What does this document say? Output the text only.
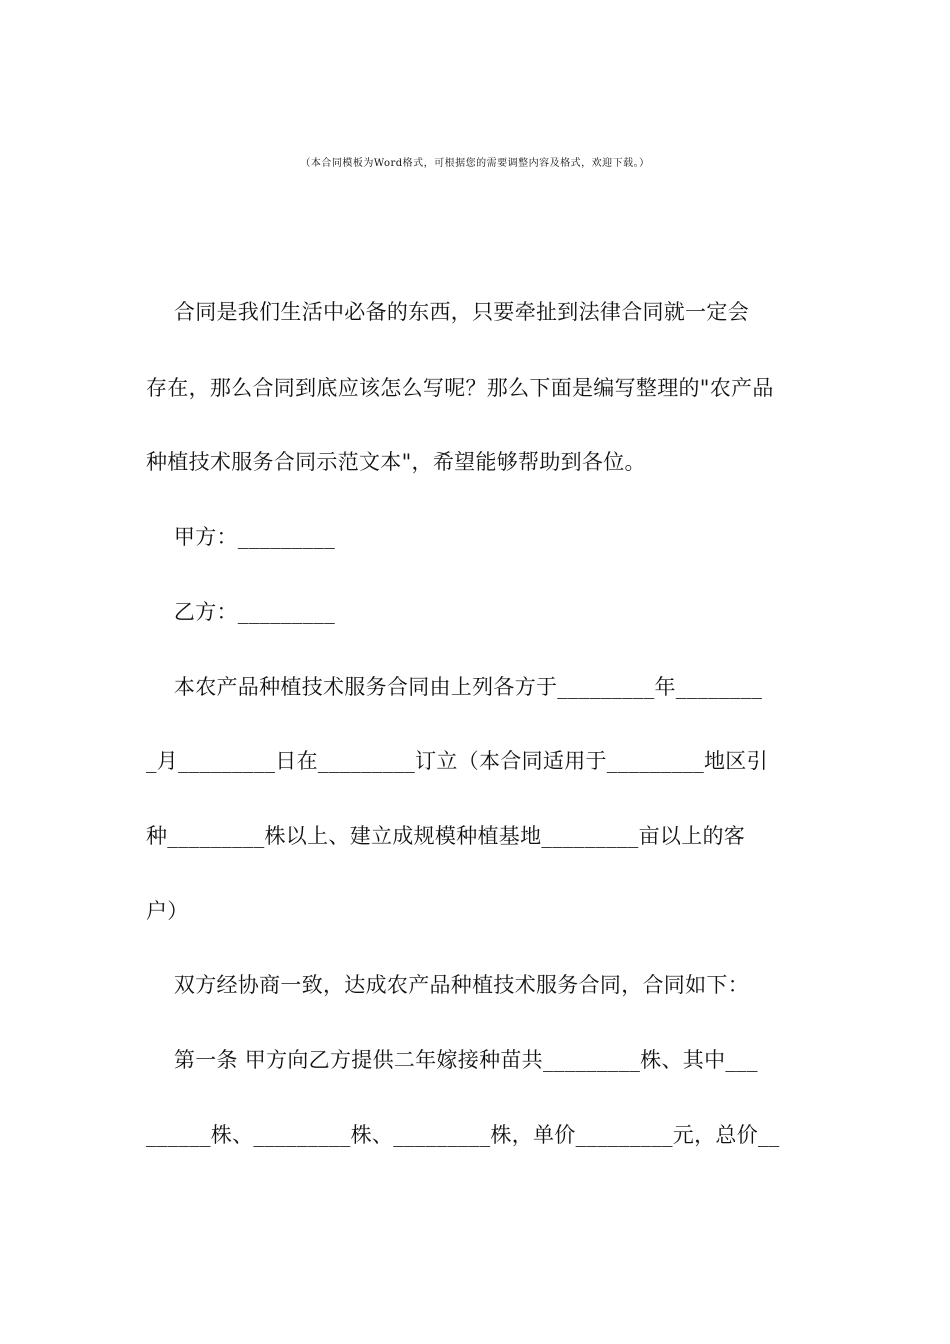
（本合同模板为Word格式，可根据您的需要调整内容及格式，欢迎下载。）
合同是我们生活中必备的东西，只要牵扯到法律合同就一定会
存在，那么合同到底应该怎么写呢？那么下面是编写整理的"农产品
种植技术服务合同示范文本"，希望能够帮助到各位。
甲方：_________
乙方：_________
本农产品种植技术服务合同由上列各方于_________年________
_月_________日在_________订立（本合同适用于_________地区引
种_________株以上、建立成规模种植基地_________亩以上的客
户）
双方经协商一致，达成农产品种植技术服务合同，合同如下：
第一条 甲方向乙方提供二年嫁接种苗共_________株、其中___
______株、_________株、_________株，单价_________元，总价__
